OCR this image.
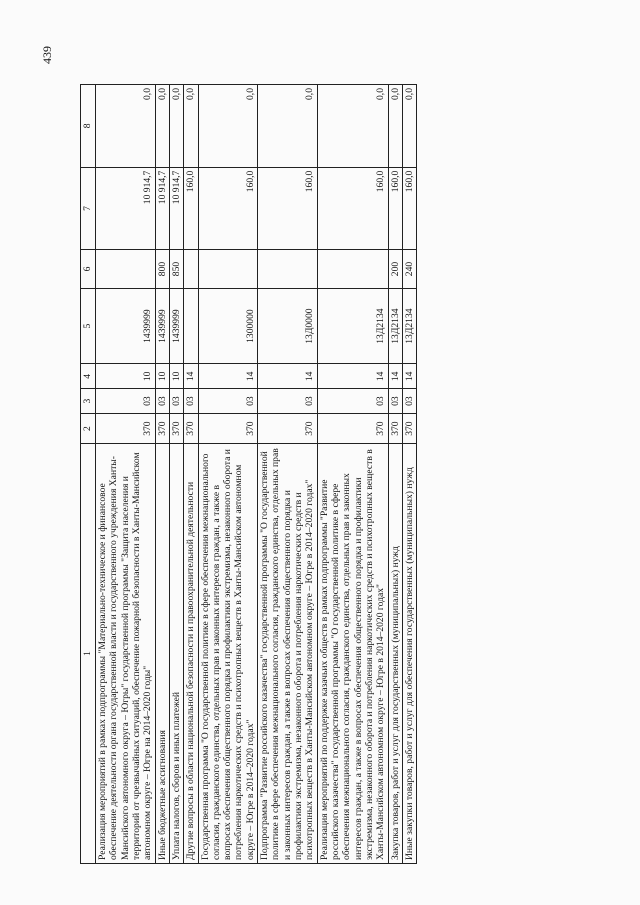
439
1	2	3	4	5	6	7	8
Реализация мероприятий в рамках подпрограммы "Материально-техническое и финансовое обеспечение деятельности органа государственной власти и государственного учреждения Ханты-Мансийского автономного округа – Югры" государственной программы "Защита населения и территорий от чрезвычайных ситуаций, обеспечение пожарной безопасности в Ханты-Мансийском автономном округе – Югре на 2014–2020 годы"	370	03	10	1439999		10 914,7	0,0
Иные бюджетные ассигнования	370	03	10	1439999	800	10 914,7	0,0
Уплата налогов, сборов и иных платежей	370	03	10	1439999	850	10 914,7	0,0
Другие вопросы в области национальной безопасности и правоохранительной деятельности	370	03	14			160,0	0,0
Государственная программа "О государственной политике в сфере обеспечения межнационального согласия, гражданского единства, отдельных прав и законных интересов граждан, а также в вопросах обеспечения общественного порядка и профилактики экстремизма, незаконного оборота и потребления наркотических средств и психотропных веществ в Ханты-Мансийском автономном округе – Югре в 2014–2020 годах"	370	03	14	1300000		160,0	0,0
Подпрограмма "Развитие российского казачества" государственной программы "О государственной политике в сфере обеспечения межнационального согласия, гражданского единства, отдельных прав и законных интересов граждан, а также в вопросах обеспечения общественного порядка и профилактики экстремизма, незаконного оборота и потребления наркотических средств и психотропных веществ в Ханты-Мансийском автономном округе – Югре в 2014–2020 годах"	370	03	14	13Д0000		160,0	0,0
Реализация мероприятий по поддержке казачьих обществ в рамках подпрограммы "Развитие российского казачества" государственной программы "О государственной политике в сфере обеспечения межнационального согласия, гражданского единства, отдельных прав и законных интересов граждан, а также в вопросах обеспечения общественного порядка и профилактики экстремизма, незаконного оборота и потребления наркотических средств и психотропных веществ в Ханты-Мансийском автономном округе – Югре в 2014–2020 годах"	370	03	14	13Д2134		160,0	0,0
Закупка товаров, работ и услуг для государственных (муниципальных) нужд	370	03	14	13Д2134	200	160,0	0,0
Иные закупки товаров, работ и услуг для обеспечения государственных (муниципальных) нужд	370	03	14	13Д2134	240	160,0	0,0
